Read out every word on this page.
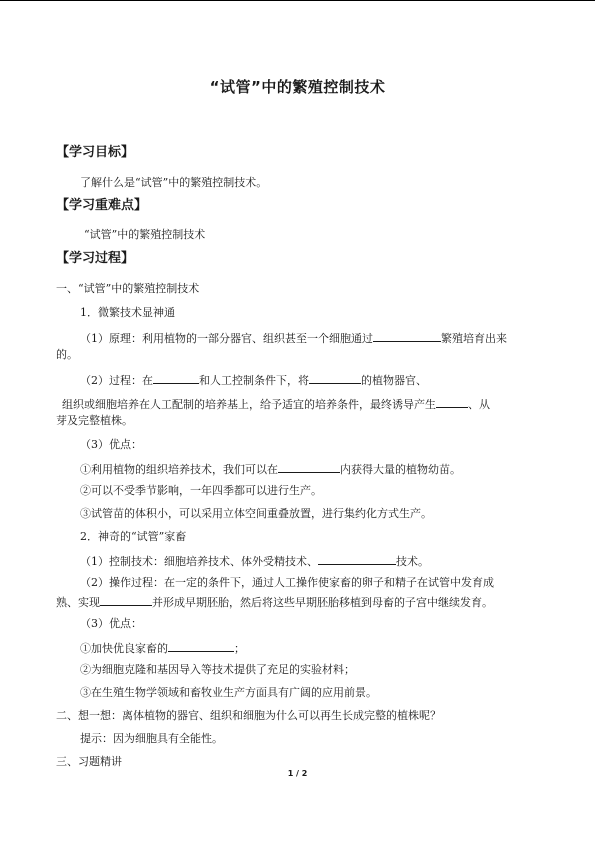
“试管”中的繁殖控制技术
【学习目标】
了解什么是“试管”中的繁殖控制技术。
【学习重难点】
“试管”中的繁殖控制技术
【学习过程】
一、“试管”中的繁殖控制技术
1．微繁技术显神通
（1）原理：利用植物的一部分器官、组织甚至一个细胞通过	繁殖培育出来
的。
（2）过程：在	和人工控制条件下，将	的植物器官、
组织或细胞培养在人工配制的培养基上，给予适宜的培养条件，最终诱导产生	、从
芽及完整植株。
（3）优点：
①利用植物的组织培养技术，我们可以在	内获得大量的植物幼苗。
②可以不受季节影响，一年四季都可以进行生产。
③试管苗的体积小，可以采用立体空间重叠放置，进行集约化方式生产。
2．神奇的“试管”家畜
（1）控制技术：细胞培养技术、体外受精技术、	技术。
（2）操作过程：在一定的条件下，通过人工操作使家畜的卵子和精子在试管中发育成
熟、实现	并形成早期胚胎，然后将这些早期胚胎移植到母畜的子宫中继续发育。
（3）优点：
①加快优良家畜的	；
②为细胞克隆和基因导入等技术提供了充足的实验材料；
③在生殖生物学领域和畜牧业生产方面具有广阔的应用前景。
二、想一想：离体植物的器官、组织和细胞为什么可以再生长成完整的植株呢？
提示：因为细胞具有全能性。
三、习题精讲
1 / 2
